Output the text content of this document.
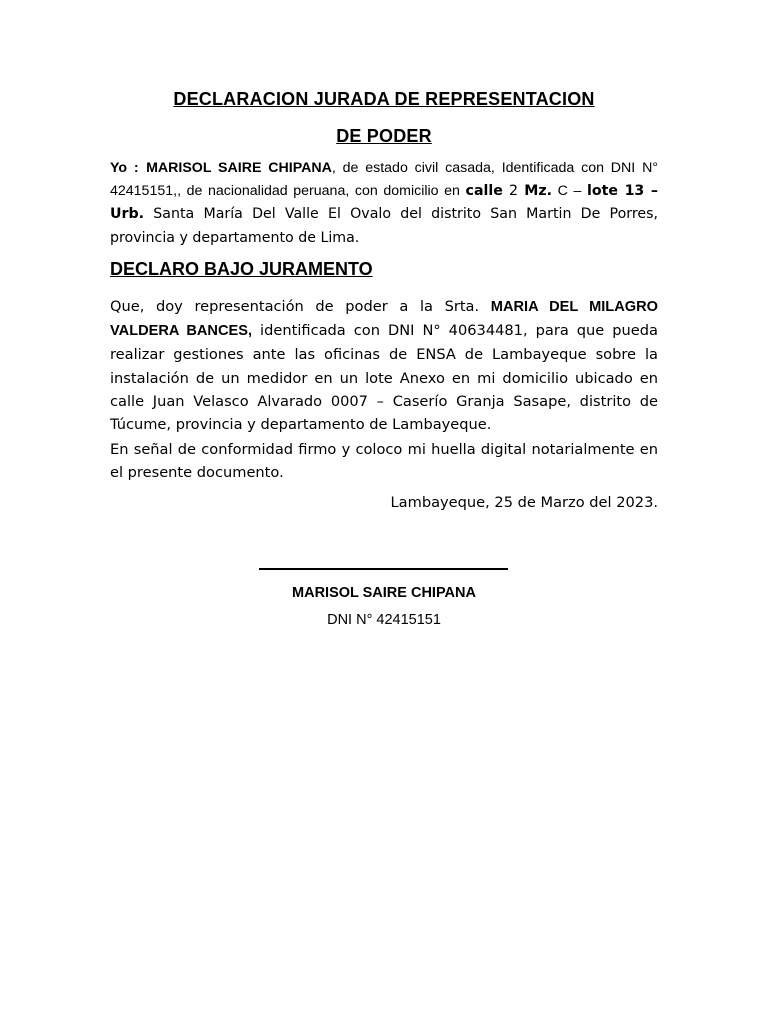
DECLARACION JURADA DE REPRESENTACION
DE PODER
Yo : MARISOL SAIRE CHIPANA, de estado civil casada, Identificada con DNI N° 42415151,, de nacionalidad peruana, con domicilio en calle 2 Mz. C – lote 13 – Urb. Santa María Del Valle El Ovalo del distrito San Martin De Porres, provincia y departamento de Lima.
DECLARO BAJO JURAMENTO
Que, doy representación de poder a la Srta. MARIA DEL MILAGRO VALDERA BANCES, identificada con DNI N° 40634481, para que pueda realizar gestiones ante las oficinas de ENSA de Lambayeque sobre la instalación de un medidor en un lote Anexo en mi domicilio ubicado en calle Juan Velasco Alvarado 0007 – Caserío Granja Sasape, distrito de Túcume, provincia y departamento de Lambayeque.
En señal de conformidad firmo y coloco mi huella digital notarialmente en el presente documento.
Lambayeque, 25 de Marzo del 2023.
MARISOL SAIRE CHIPANA
DNI N° 42415151
